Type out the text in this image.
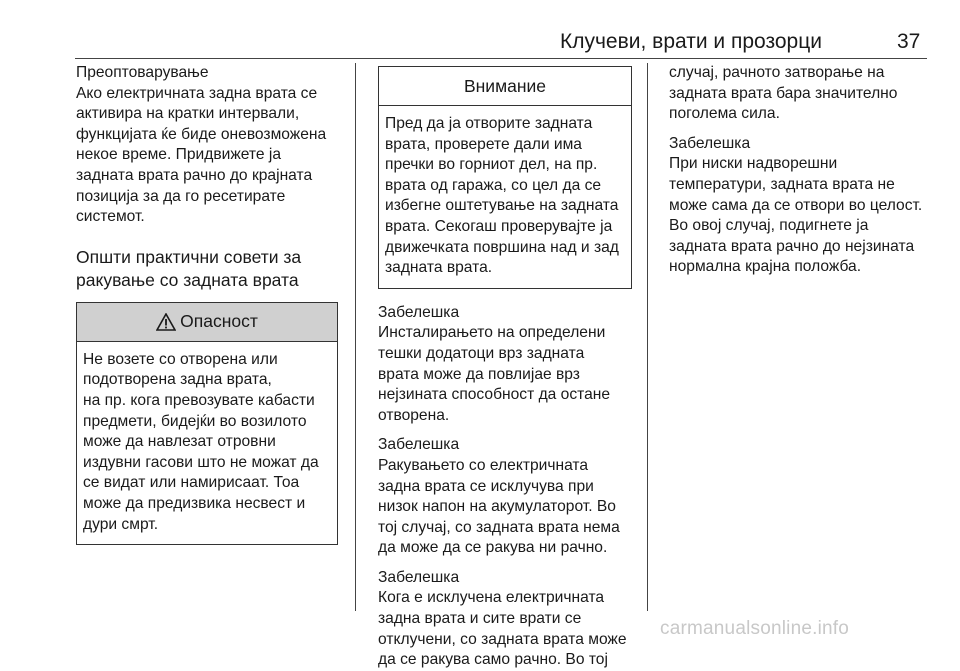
Клучеви, врати и прозорци	37

Преоптоварување

Ако електричната задна врата се

активира на кратки интервали,

функцијата ќе биде оневозможена

некое време. Придвижете ја

задната врата рачно до крајната

позиција за да го ресетирате

системот.

Општи практични совети за
ракување со задната врата
Опасност

Не возете со отворена или

подотворена задна врата,

на пр. кога превозувате кабасти

предмети, бидејќи во возилото

може да навлезат отровни

издувни гасови што не можат да

се видат или намирисаат. Тоа

може да предизвика несвест и

дури смрт.

Внимание

Пред да ја отворите задната

врата, проверете дали има

пречки во горниот дел, на пр.

врата од гаража, со цел да се

избегне оштетување на задната

врата. Секогаш проверувајте ја

движечката површина над и зад

задната врата.

Забелешка

Инсталирањето на определени

тешки додатоци врз задната

врата може да повлијае врз

нејзината способност да остане

отворена.

Забелешка

Ракувањето со електричната

задна врата се исклучува при

низок напон на акумулаторот. Во

тој случај, со задната врата нема

да може да се ракува ни рачно.

Забелешка

Кога е исклучена електричната

задна врата и сите врати се

отклучени, со задната врата може

да се ракува само рачно. Во тој

случај, рачното затворање на

задната врата бара значително

поголема сила.

Забелешка

При ниски надворешни

температури, задната врата не

може сама да се отвори во целост.

Во овој случај, подигнете ја

задната врата рачно до нејзината

нормална крајна положба.

carmanualsonline.info
